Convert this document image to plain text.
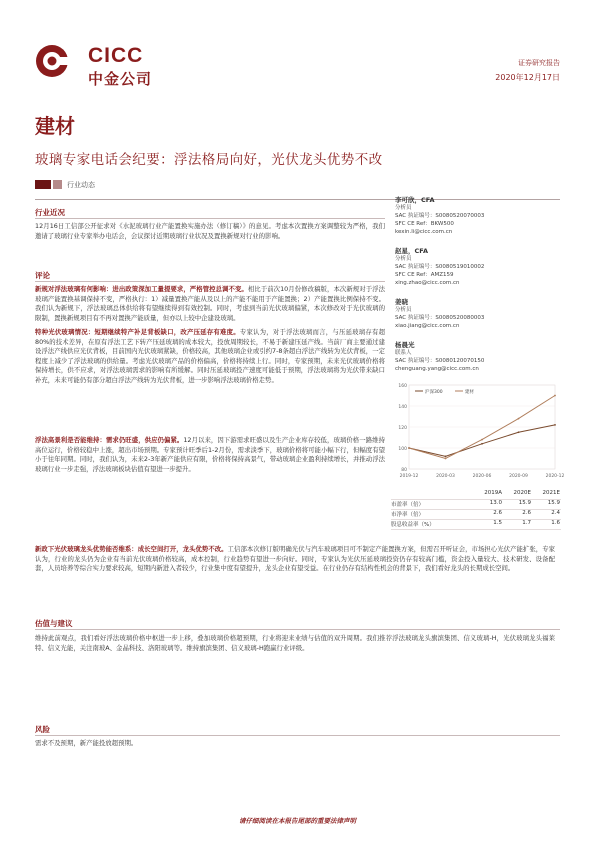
CICC
中金公司
证券研究报告
2020年12月17日
建材
玻璃专家电话会纪要：浮法格局向好，光伏龙头优势不改
行业动态
行业近况
12月16日工信部公开征求对《水泥玻璃行业产能置换实施办法（修订稿）》的意见。考虑本次置换方案调整较为严格，我们邀请了玻璃行业专家举办电话会，会议探讨近期玻璃行业状况及置换新规对行业的影响。
评论
新规对浮法玻璃有何影响：进出政策深加工量提要求，严格管控总调不变。相比于前次10月份修改稿版，本次新规对于浮法玻璃产能置换基调保持不变，严格执行：1）减量置换产能从及以上的产能不能用于产能置换；2）产能置换比例保持不变。我们认为新规下，浮法玻璃总体供给将有望继续得到有效控制。同时，考虑到当前光伏玻璃偏紧，本次修改对于光伏玻璃的限制，置换新规项目有不再对置换产能质量，但亦以上较中企建设玻璃。
特种光伏玻璃情况：短期继续特产补足背板缺口，改产压延存有难度。专家认为，对于浮法玻璃而言，与压延玻璃存有超80%的技术差异，在原有浮法工艺下转产压延玻璃的成本较大，投放周期较长，不易于新建压延产线。当前厂商主要通过建设浮法产线供应光伏背板，目前国内光伏玻璃紧缺，价格较高，其他玻璃企业或引约7-8条超白浮法产线转为光伏背板，一定程度上减少了浮法玻璃的供给量。考虑光伏玻璃产品的价格偏高，价格将持续上行。同时，专家预期，未来光伏玻璃价格将保持增长，供不应求，对浮法玻璃需求的影响有所缓解。同时压延玻璃投产速度可能低于预期，浮法玻璃将为光伏带来缺口补充，未来可能仍有部分超白浮法产线转为光伏背板，进一步影响浮法玻璃价格走势。
浮法高景利是否能维持：需求仍旺盛，供应仍偏紧。12月以来，因下游需求旺盛以及生产企业库存较低，玻璃价格一路维持高位运行，价格较稳中上涨，超出市场预期。专家预计旺季后1-2月份，需求淡季下，玻璃价格将可能小幅下行，但幅度有望小于往年同期。同时，我们认为，未来2-3年新产能供应有限，价格将保持高景气，带动玻璃企业盈利持续增长，并推动浮法玻璃行业一步走强，浮法玻璃板块估值有望进一步提升。
新政下光伏玻璃龙头优势能否维系：成长空间打开，龙头优势不改。工信部本次修订版明确光伏与汽车玻璃项目可不制定产能置换方案，但需召开听证会，市场担心光伏产能扩张，专家认为，行业的龙头仍为企业有当前光伏玻璃价格较高，成本控制，行业趋势有望进一步向好。同时，专家认为光伏压延玻璃投资仍存有较高门槛，资金投入量较大、技术研发、设备配套，人员培养等综合实力要求较高，短期内新进入者较少，行业集中度有望提升，龙头企业有望受益。在行业仍存有结构性机会的背景下，我们看好龙头的长期成长空间。
估值与建议
维持此前观点，我们看好浮法玻璃价格中枢进一步上移，叠加玻璃价格超预期，行业将迎来业绩与估值的双升周期。我们推荐浮法玻璃龙头旗滨集团、信义玻璃-H，光伏玻璃龙头福莱特、信义光能，关注南玻A、金晶科技、洛阳玻璃等。维持旗滨集团、信义玻璃-H跑赢行业评级。
风险
需求不及预期，新产能投放超预期。
李可欣，CFA
分析员
SAC 执证编号：S0080520070003
SFC CE Ref：BKW500
kexin.li@cicc.com.cn
赵星，CFA
分析员
SAC 执证编号：S0080519010002
SFC CE Ref：AMZ159
xing.zhao@cicc.com.cn
姜晓
分析员
SAC 执证编号：S0080520080003
xiao.jiang@cicc.com.cn
杨晨光
联系人
SAC 执证编号：S0080120070150
chenguang.yang@cicc.com.cn
80
100
120
140
160
2019-12	2020-03	2020-06	2020-09	2020-12
沪深300	建材
2019A	2020E	2021E
市盈率（倍）	13.0	15.9	15.9
市净率（倍）	2.6	2.6	2.4
股息收益率（%）	1.5	1.7	1.6
请仔细阅读在本报告尾部的重要法律声明
